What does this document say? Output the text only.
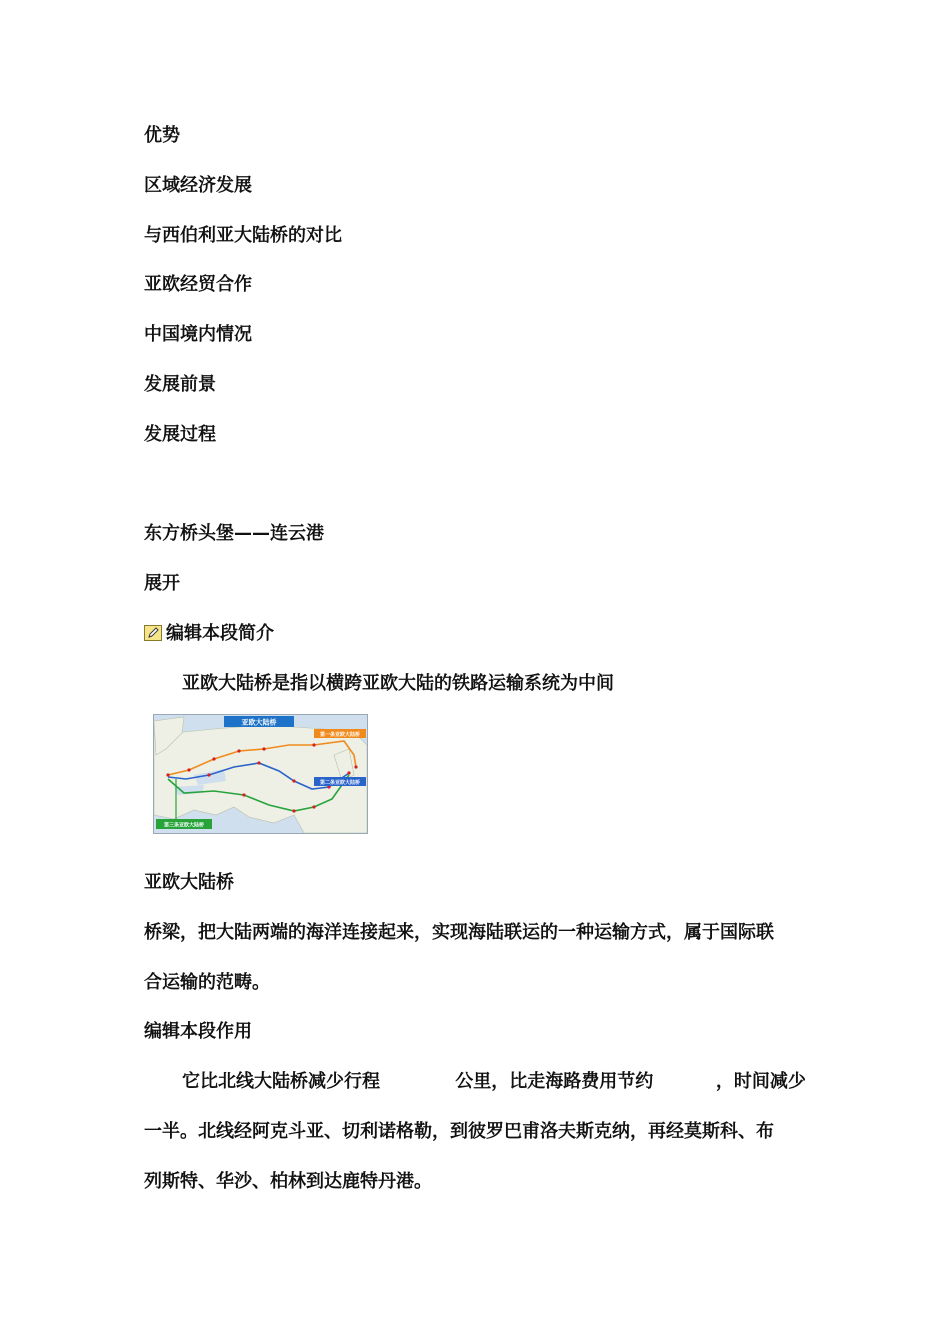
优势
区域经济发展
与西伯利亚大陆桥的对比
亚欧经贸合作
中国境内情况
发展前景
发展过程
东方桥头堡——连云港
展开
编辑本段简介
亚欧大陆桥是指以横跨亚欧大陆的铁路运输系统为中间
亚欧大陆桥
第一条亚欧大陆桥
第二条亚欧大陆桥
第三条亚欧大陆桥
亚欧大陆桥
桥梁，把大陆两端的海洋连接起来，实现海陆联运的一种运输方式，属于国际联
合运输的范畴。
编辑本段作用
它比北线大陆桥减少行程            公里，比走海路费用节约          ，时间减少
一半。北线经阿克斗亚、切利诺格勒，到彼罗巴甫洛夫斯克纳，再经莫斯科、布
列斯特、华沙、柏林到达鹿特丹港。
